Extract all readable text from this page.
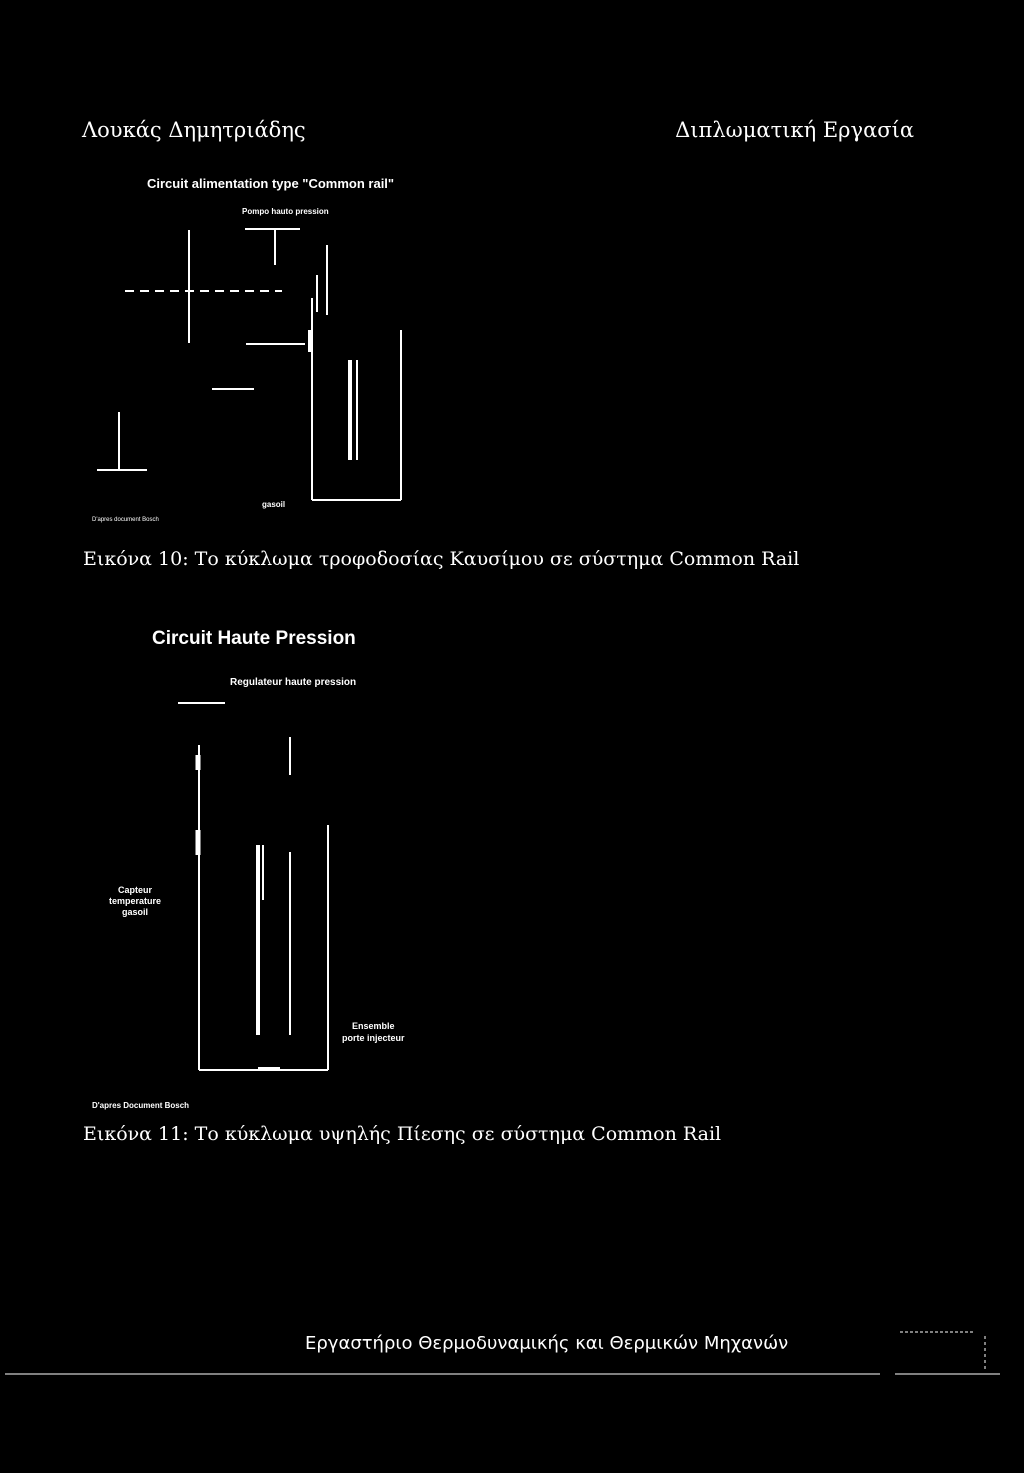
Λουκάς Δημητριάδης	Διπλωματική Εργασία
Circuit alimentation type "Common rail"
Pompo hauto pression
gasoil
D'apres document Bosch
Εικόνα 10: Το κύκλωμα τροφοδοσίας Καυσίμου σε σύστημα Common Rail
Circuit Haute Pression
Regulateur haute pression
Capteur
temperature
gasoil
Ensemble
porte injecteur
D'apres Document Bosch
Εικόνα 11: Το κύκλωμα υψηλής Πίεσης σε σύστημα Common Rail
Εργαστήριο Θερμοδυναμικής και Θερμικών Μηχανών
